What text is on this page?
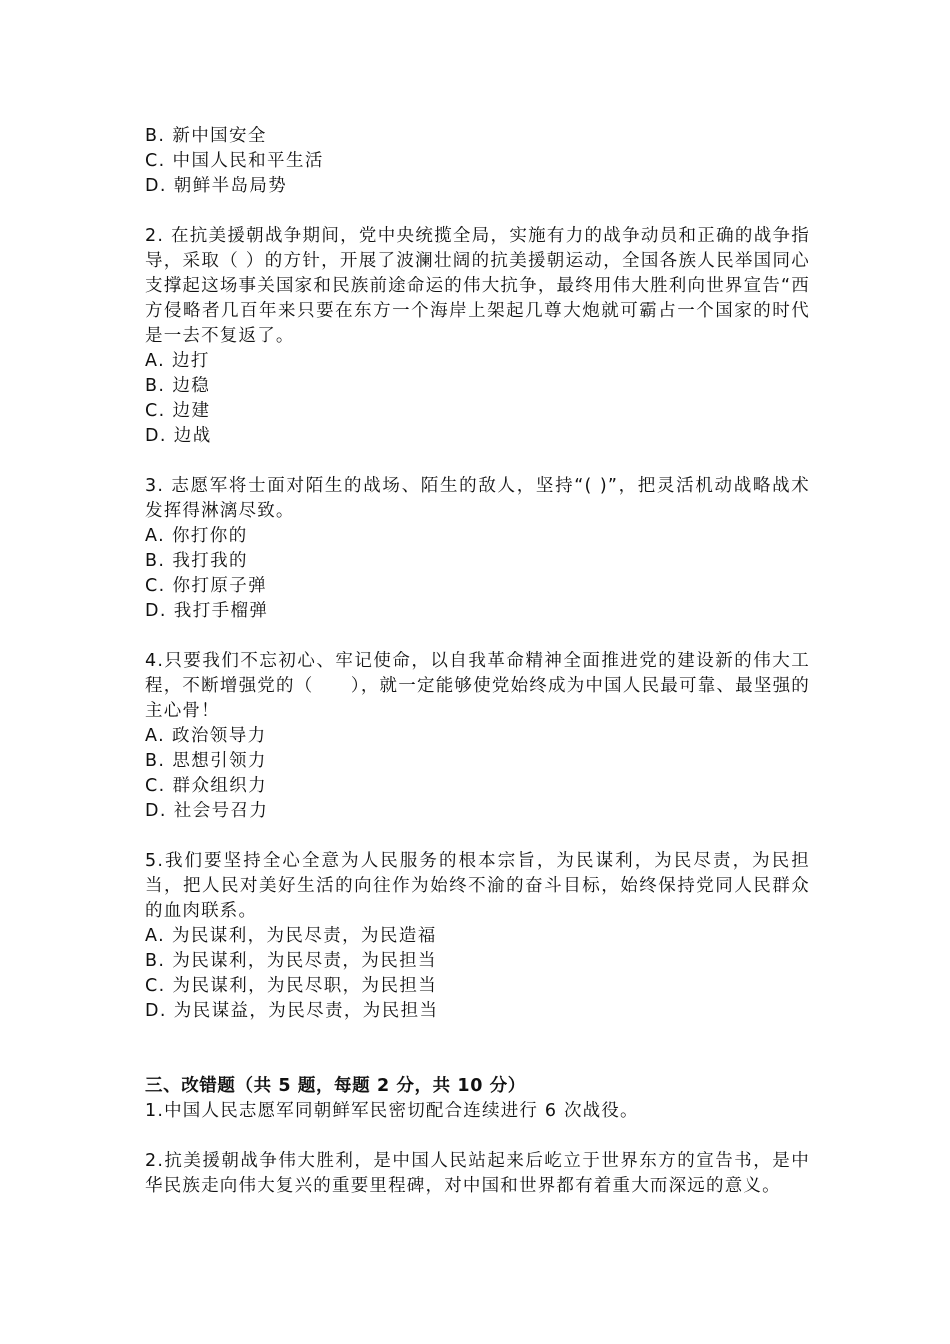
B. 新中国安全
C. 中国人民和平生活
D. 朝鲜半岛局势
2. 在抗美援朝战争期间，党中央统揽全局，实施有力的战争动员和正确的战争指导，采取（ ）的方针，开展了波澜壮阔的抗美援朝运动，全国各族人民举国同心支撑起这场事关国家和民族前途命运的伟大抗争，最终用伟大胜利向世界宣告“西方侵略者几百年来只要在东方一个海岸上架起几尊大炮就可霸占一个国家的时代是一去不复返了。
A. 边打
B. 边稳
C. 边建
D. 边战
3. 志愿军将士面对陌生的战场、陌生的敌人，坚持“( )”，把灵活机动战略战术发挥得淋漓尽致。
A. 你打你的
B. 我打我的
C. 你打原子弹
D. 我打手榴弹
4.只要我们不忘初心、牢记使命，以自我革命精神全面推进党的建设新的伟大工程，不断增强党的（　　），就一定能够使党始终成为中国人民最可靠、最坚强的主心骨！
A. 政治领导力
B. 思想引领力
C. 群众组织力
D. 社会号召力
5.我们要坚持全心全意为人民服务的根本宗旨，为民谋利，为民尽责，为民担当，把人民对美好生活的向往作为始终不渝的奋斗目标，始终保持党同人民群众的血肉联系。
A. 为民谋利，为民尽责，为民造福
B. 为民谋利，为民尽责，为民担当
C. 为民谋利，为民尽职，为民担当
D. 为民谋益，为民尽责，为民担当
三、改错题（共 5 题，每题 2 分，共 10 分）
1.中国人民志愿军同朝鲜军民密切配合连续进行 6 次战役。
2.抗美援朝战争伟大胜利，是中国人民站起来后屹立于世界东方的宣告书，是中华民族走向伟大复兴的重要里程碑，对中国和世界都有着重大而深远的意义。
